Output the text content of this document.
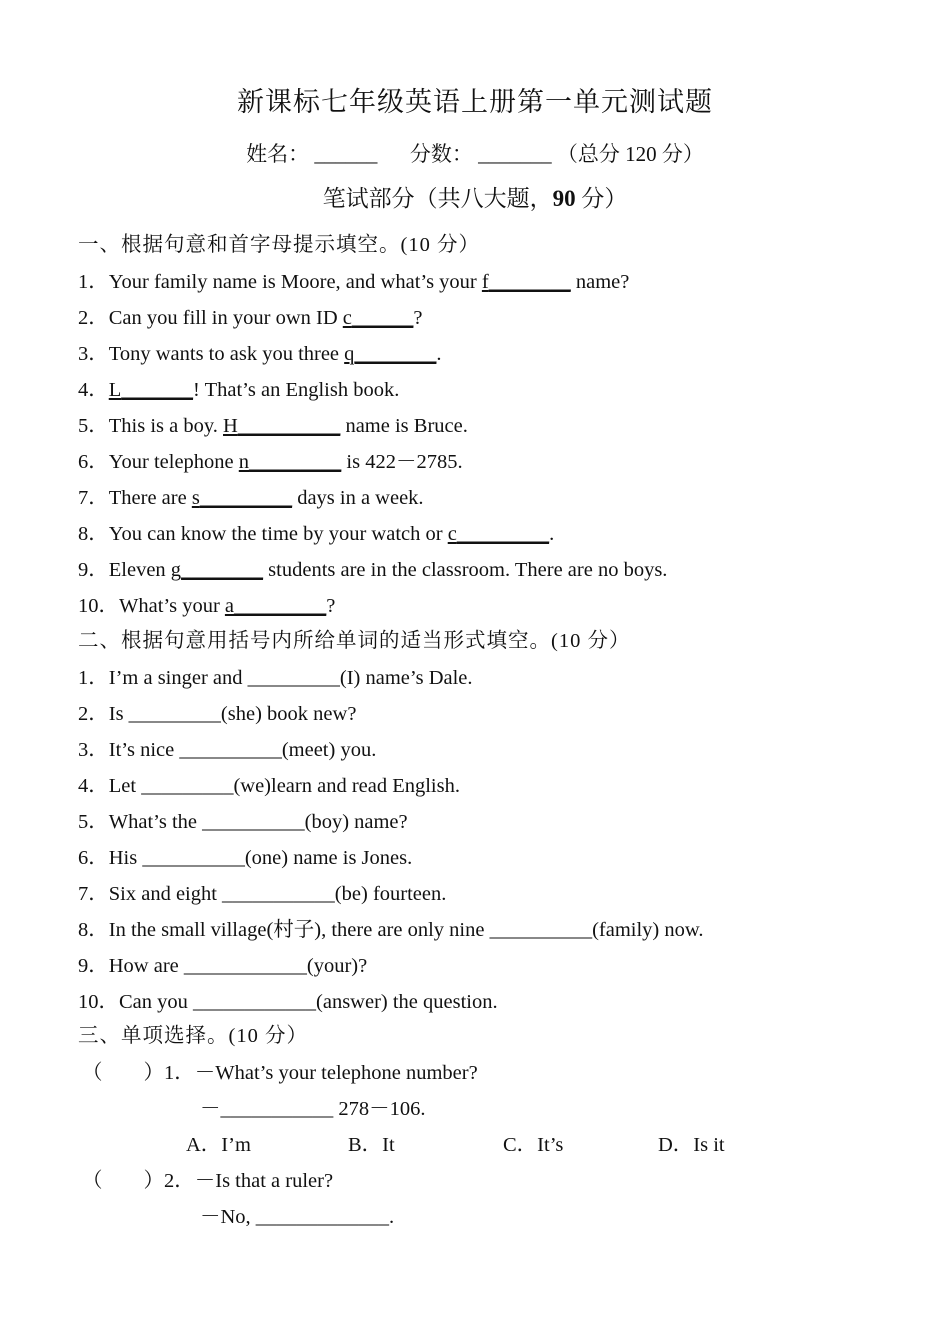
新课标七年级英语上册第一单元测试题
姓名： ______ 分数： _______ （总分 120 分）
笔试部分（共八大题，90 分）
一、根据句意和首字母提示填空。(10 分）
1．Your family name is Moore, and what’s your f________ name?
2．Can you fill in your own ID c______?
3．Tony wants to ask you three q________.
4．L_______! That’s an English book.
5．This is a boy. H__________ name is Bruce.
6．Your telephone n_________ is 422－2785.
7．There are s_________ days in a week.
8．You can know the time by your watch or c_________.
9．Eleven g________ students are in the classroom. There are no boys.
10．What’s your a_________?
二、根据句意用括号内所给单词的适当形式填空。(10 分）
1．I’m a singer and _________(I) name’s Dale.
2．Is _________(she) book new?
3．It’s nice __________(meet) you.
4．Let _________(we)learn and read English.
5．What’s the __________(boy) name?
6．His __________(one) name is Jones.
7．Six and eight ___________(be) fourteen.
8．In the small village(村子), there are only nine __________(family) now.
9．How are ____________(your)?
10．Can you ____________(answer) the question.
三、单项选择。(10 分）
（　　）1．－What’s your telephone number?
－___________ 278－106.
A．I’m	B．It	C．It’s	D．Is it
（　　）2．－Is that a ruler?
－No, _____________.
